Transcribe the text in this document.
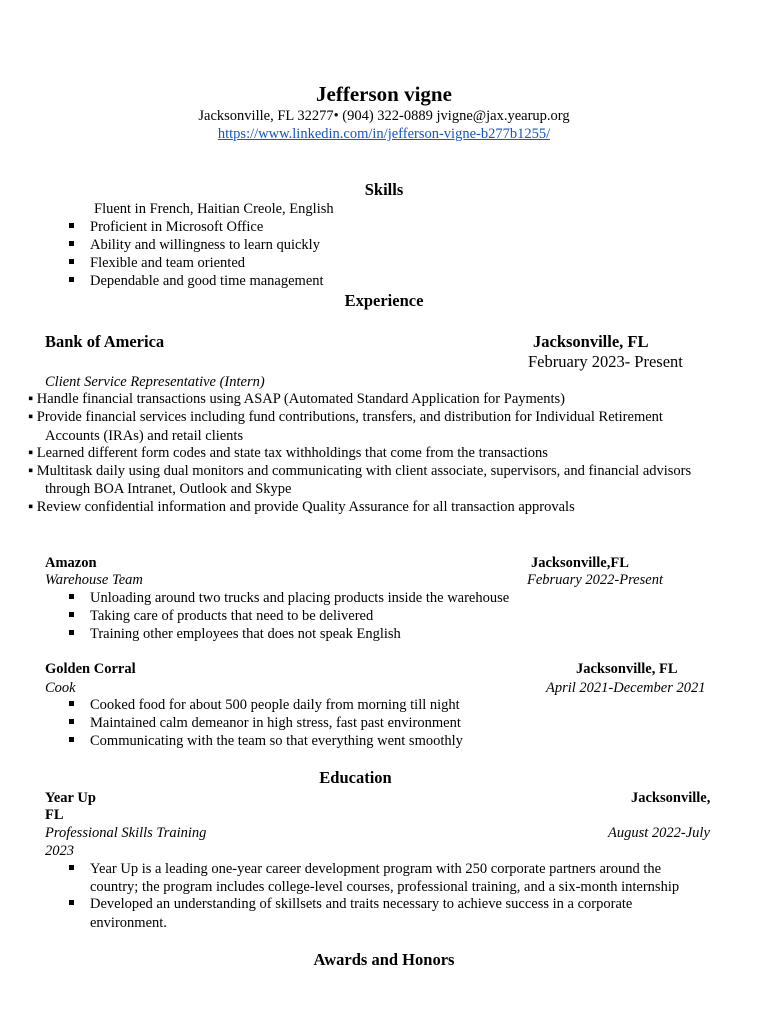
Jefferson vigne
Jacksonville, FL 32277• (904) 322-0889 jvigne@jax.yearup.org
https://www.linkedin.com/in/jefferson-vigne-b277b1255/
Skills
Fluent in French, Haitian Creole, English
Proficient in Microsoft Office
Ability and willingness to learn quickly
Flexible and team oriented
Dependable and good time management
Experience
Bank of America	Jacksonville, FL
February 2023- Present
Client Service Representative (Intern)
▪ Handle financial transactions using ASAP (Automated Standard Application for Payments)
▪ Provide financial services including fund contributions, transfers, and distribution for Individual Retirement
Accounts (IRAs) and retail clients
▪ Learned different form codes and state tax withholdings that come from the transactions
▪ Multitask daily using dual monitors and communicating with client associate, supervisors, and financial advisors
through BOA Intranet, Outlook and Skype
▪ Review confidential information and provide Quality Assurance for all transaction approvals
Amazon	Jacksonville,FL
Warehouse Team	February 2022-Present
Unloading around two trucks and placing products inside the warehouse
Taking care of products that need to be delivered
Training other employees that does not speak English
Golden Corral	Jacksonville, FL
Cook	April 2021-December 2021
Cooked food for about 500 people daily from morning till night
Maintained calm demeanor in high stress, fast past environment
Communicating with the team so that everything went smoothly
Education
Year Up	Jacksonville,
FL
Professional Skills Training	August 2022-July
2023
Year Up is a leading one-year career development program with 250 corporate partners around the
country; the program includes college-level courses, professional training, and a six-month internship
Developed an understanding of skillsets and traits necessary to achieve success in a corporate
environment.
Awards and Honors
